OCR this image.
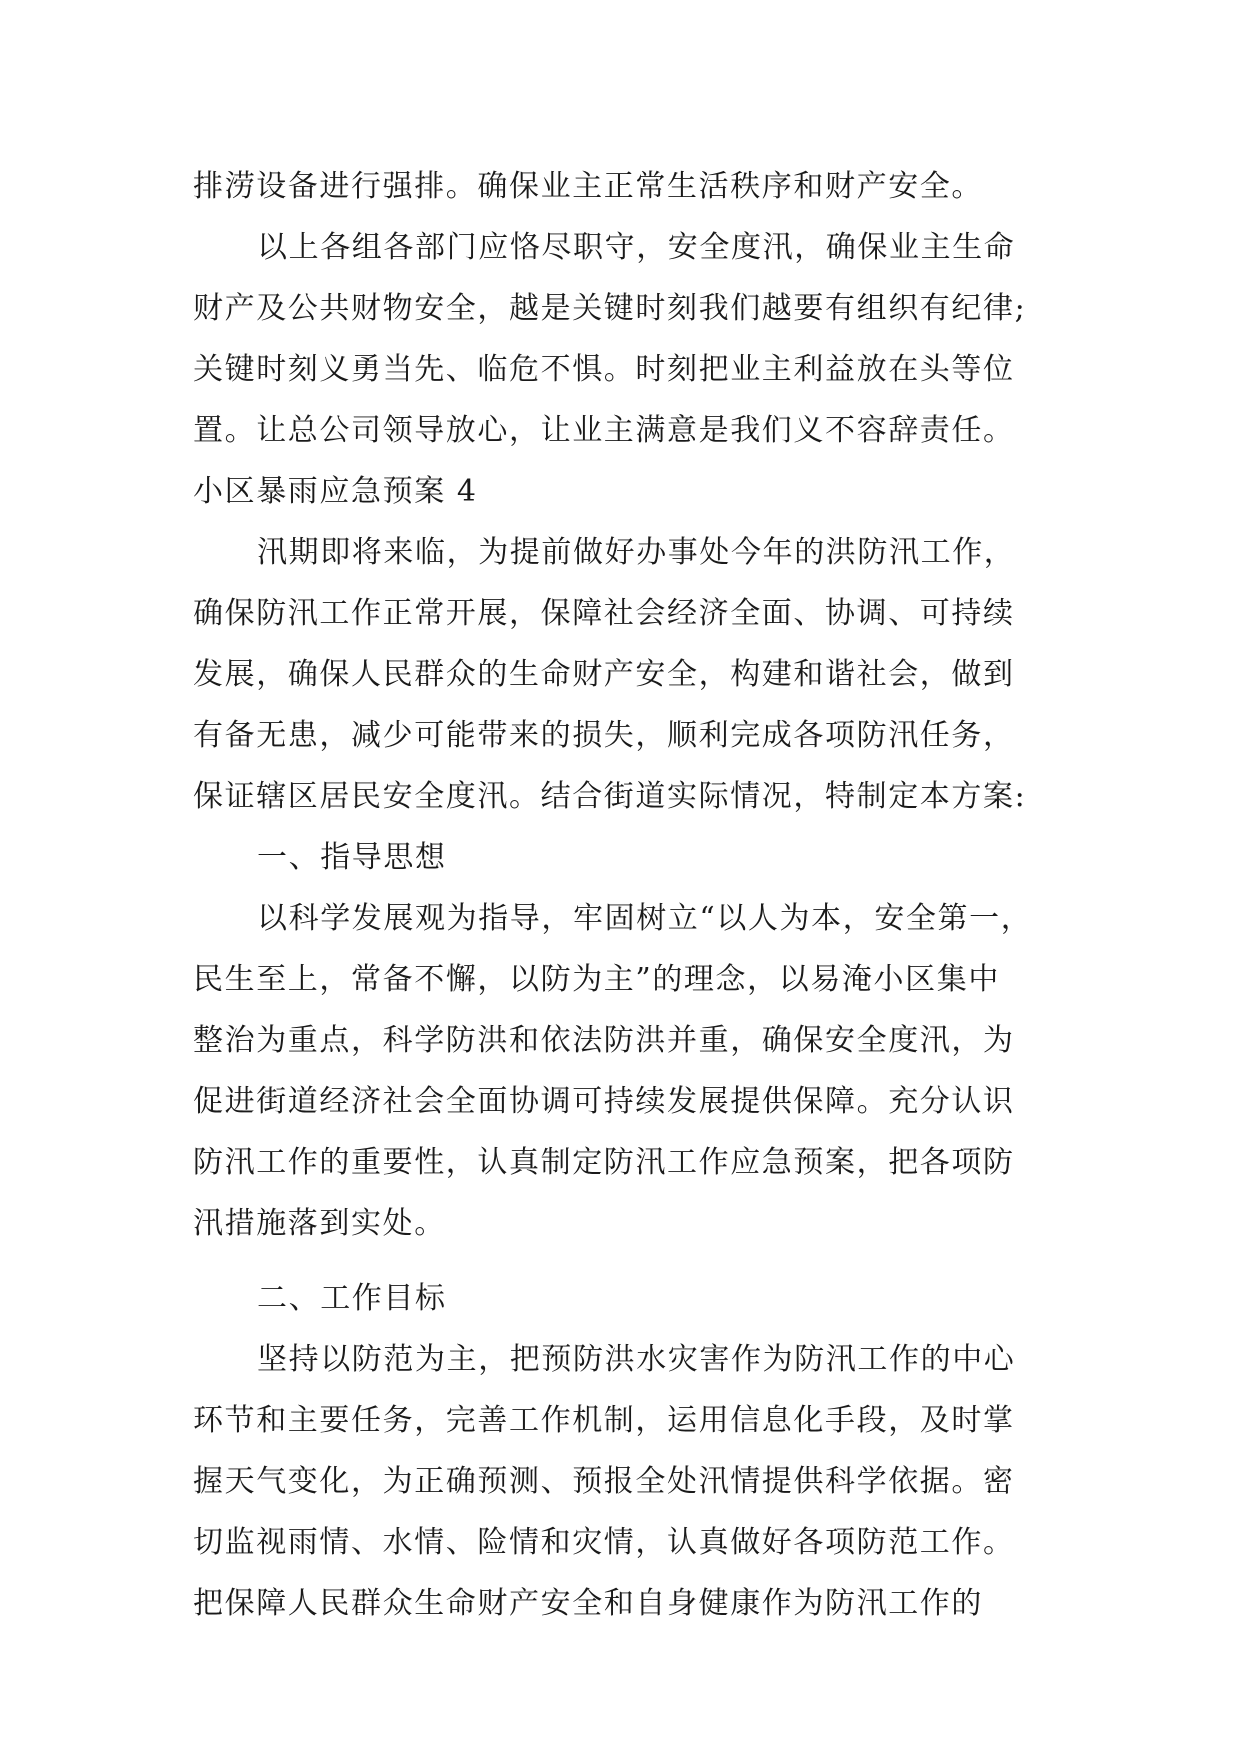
排涝设备进行强排。确保业主正常生活秩序和财产安全。
以上各组各部门应恪尽职守，安全度汛，确保业主生命
财产及公共财物安全，越是关键时刻我们越要有组织有纪律;
关键时刻义勇当先、临危不惧。时刻把业主利益放在头等位
置。让总公司领导放心，让业主满意是我们义不容辞责任。
小区暴雨应急预案 4
汛期即将来临，为提前做好办事处今年的洪防汛工作，
确保防汛工作正常开展，保障社会经济全面、协调、可持续
发展，确保人民群众的生命财产安全，构建和谐社会，做到
有备无患，减少可能带来的损失，顺利完成各项防汛任务，
保证辖区居民安全度汛。结合街道实际情况，特制定本方案:
一、指导思想
以科学发展观为指导，牢固树立“以人为本，安全第一，
民生至上，常备不懈，以防为主”的理念，以易淹小区集中
整治为重点，科学防洪和依法防洪并重，确保安全度汛，为
促进街道经济社会全面协调可持续发展提供保障。充分认识
防汛工作的重要性，认真制定防汛工作应急预案，把各项防
汛措施落到实处。
二、工作目标
坚持以防范为主，把预防洪水灾害作为防汛工作的中心
环节和主要任务，完善工作机制，运用信息化手段，及时掌
握天气变化，为正确预测、预报全处汛情提供科学依据。密
切监视雨情、水情、险情和灾情，认真做好各项防范工作。
把保障人民群众生命财产安全和自身健康作为防汛工作的
